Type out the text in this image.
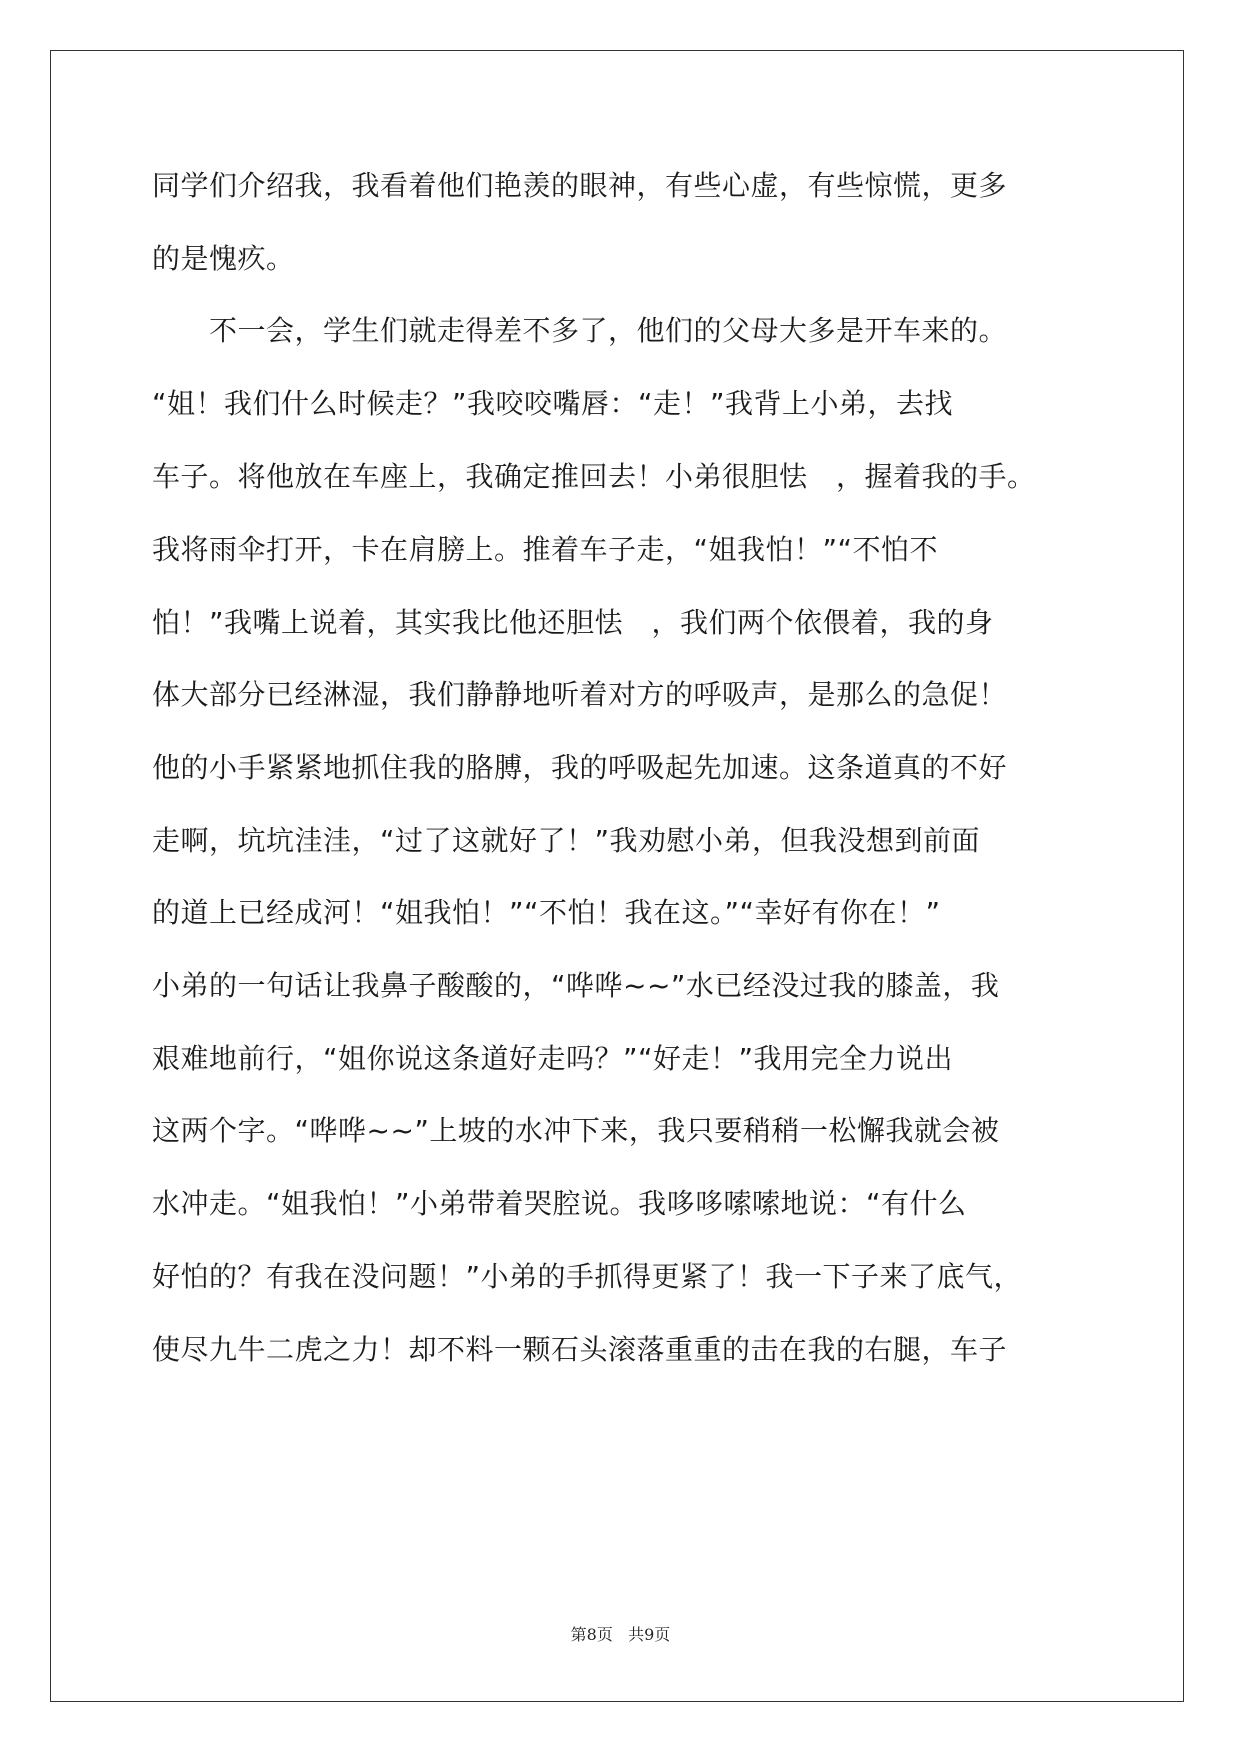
同学们介绍我，我看着他们艳羡的眼神，有些心虚，有些惊慌，更多
的是愧疚。
　　不一会，学生们就走得差不多了，他们的父母大多是开车来的。
“姐！我们什么时候走？”我咬咬嘴唇：“走！”我背上小弟，去找
车子。将他放在车座上，我确定推回去！小弟很胆怯　，握着我的手。
我将雨伞打开，卡在肩膀上。推着车子走，“姐我怕！”“不怕不
怕！”我嘴上说着，其实我比他还胆怯　，我们两个依偎着，我的身
体大部分已经淋湿，我们静静地听着对方的呼吸声，是那么的急促！
他的小手紧紧地抓住我的胳膊，我的呼吸起先加速。这条道真的不好
走啊，坑坑洼洼，“过了这就好了！”我劝慰小弟，但我没想到前面
的道上已经成河！“姐我怕！”“不怕！我在这。”“幸好有你在！”
小弟的一句话让我鼻子酸酸的，“哗哗~~”水已经没过我的膝盖，我
艰难地前行，“姐你说这条道好走吗？”“好走！”我用完全力说出
这两个字。“哗哗~~”上坡的水冲下来，我只要稍稍一松懈我就会被
水冲走。“姐我怕！”小弟带着哭腔说。我哆哆嗦嗦地说：“有什么
好怕的？有我在没问题！”小弟的手抓得更紧了！我一下子来了底气，
使尽九牛二虎之力！却不料一颗石头滚落重重的击在我的右腿，车子
第8页 共9页
